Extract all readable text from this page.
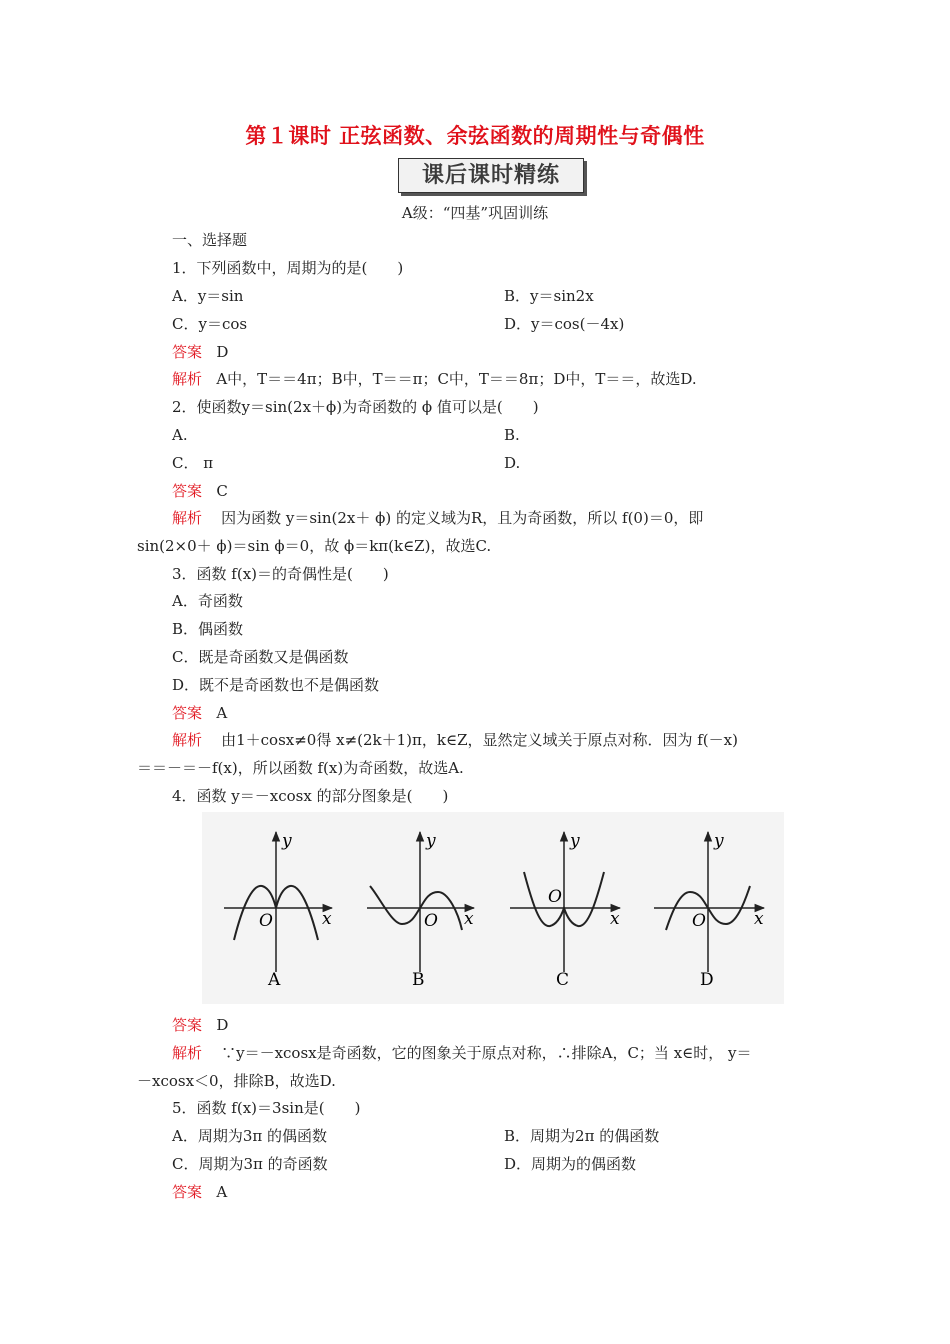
第１课时 正弦函数、余弦函数的周期性与奇偶性
课后课时精练
A级：“四基”巩固训练
一、选择题
1．下列函数中，周期为的是(　　)
A．y＝sin	B．y＝sin2x
C．y＝cos	D．y＝cos(－4x)
答案 D
解析 A中，T＝＝4π；B中，T＝＝π；C中，T＝＝8π；D中，T＝＝，故选D.
2．使函数y＝sin(2x＋ϕ)为奇函数的 ϕ 值可以是(　　)
A.	B.
C． π	D.
答案 C
解析 因为函数 y＝sin(2x＋ ϕ) 的定义域为R，且为奇函数，所以 f(0)＝0，即
sin(2×0＋ ϕ)＝sin ϕ＝0，故 ϕ＝kπ(k∈Z)，故选C.
3．函数 f(x)＝的奇偶性是(　　)
A．奇函数
B．偶函数
C．既是奇函数又是偶函数
D．既不是奇函数也不是偶函数
答案 A
解析 由1＋cosx≠0得 x≠(2k＋1)π，k∈Z，显然定义域关于原点对称．因为 f(－x)
＝＝－＝－f(x)，所以函数 f(x)为奇函数，故选A.
4．函数 y＝－xcosx 的部分图象是(　　)
y
x
O
A
y
x
O
B
y
x
O
C
y
x
O
D
答案 D
解析 ∵y＝－xcosx是奇函数，它的图象关于原点对称，∴排除A，C；当 x∈时， y＝
－xcosx＜0，排除B，故选D.
5．函数 f(x)＝3sin是(　　)
A．周期为3π 的偶函数	B．周期为2π 的偶函数
C．周期为3π 的奇函数	D．周期为的偶函数
答案 A
